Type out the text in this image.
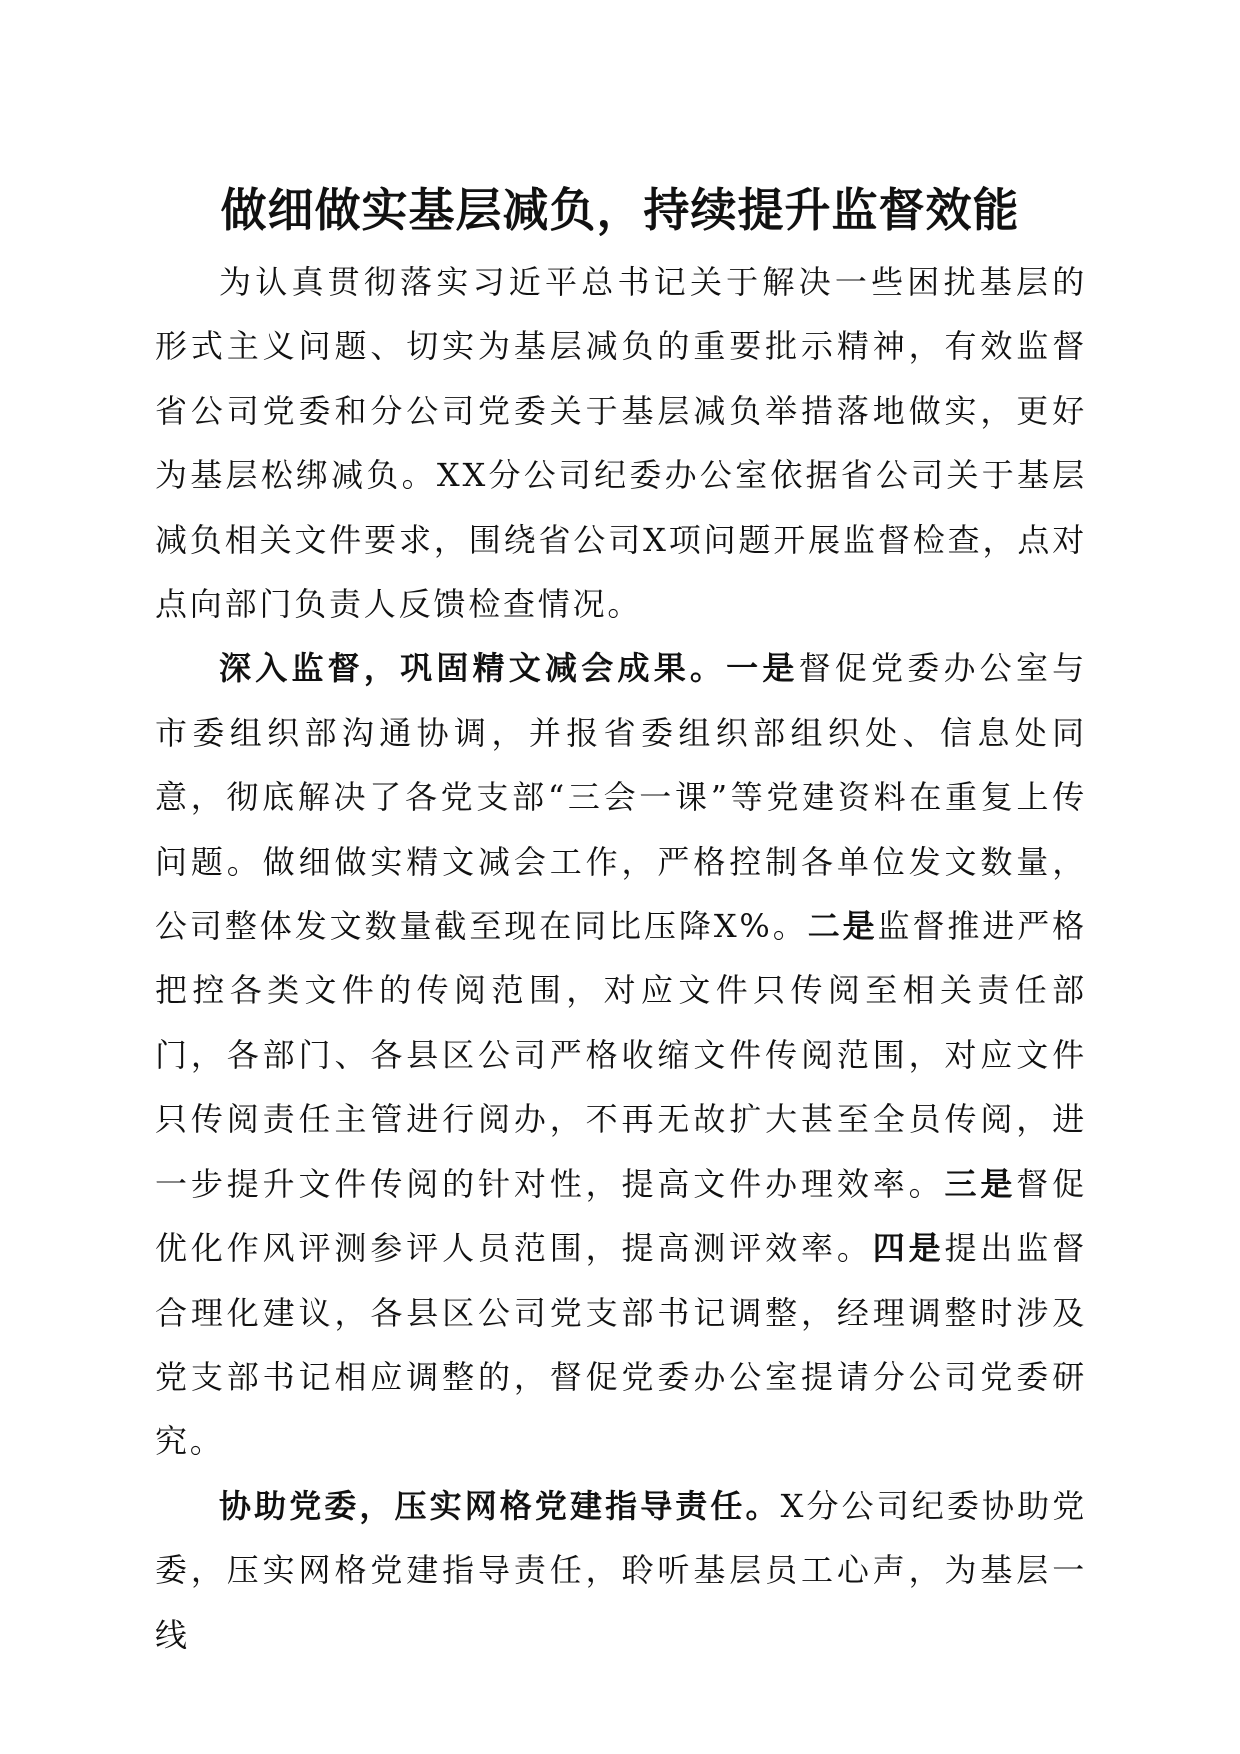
做细做实基层减负，持续提升监督效能

为认真贯彻落实习近平总书记关于解决一些困扰基层的形式主义问题、切实为基层减负的重要批示精神，有效监督省公司党委和分公司党委关于基层减负举措落地做实，更好为基层松绑减负。XX分公司纪委办公室依据省公司关于基层减负相关文件要求，围绕省公司X项问题开展监督检查，点对点向部门负责人反馈检查情况。

深入监督，巩固精文减会成果。一是督促党委办公室与市委组织部沟通协调，并报省委组织部组织处、信息处同意，彻底解决了各党支部“三会一课”等党建资料在重复上传问题。做细做实精文减会工作，严格控制各单位发文数量，公司整体发文数量截至现在同比压降X%。二是监督推进严格把控各类文件的传阅范围，对应文件只传阅至相关责任部门，各部门、各县区公司严格收缩文件传阅范围，对应文件只传阅责任主管进行阅办，不再无故扩大甚至全员传阅，进一步提升文件传阅的针对性，提高文件办理效率。三是督促优化作风评测参评人员范围，提高测评效率。四是提出监督合理化建议，各县区公司党支部书记调整，经理调整时涉及党支部书记相应调整的，督促党委办公室提请分公司党委研究。

协助党委，压实网格党建指导责任。X分公司纪委协助党委，压实网格党建指导责任，聆听基层员工心声，为基层一线
